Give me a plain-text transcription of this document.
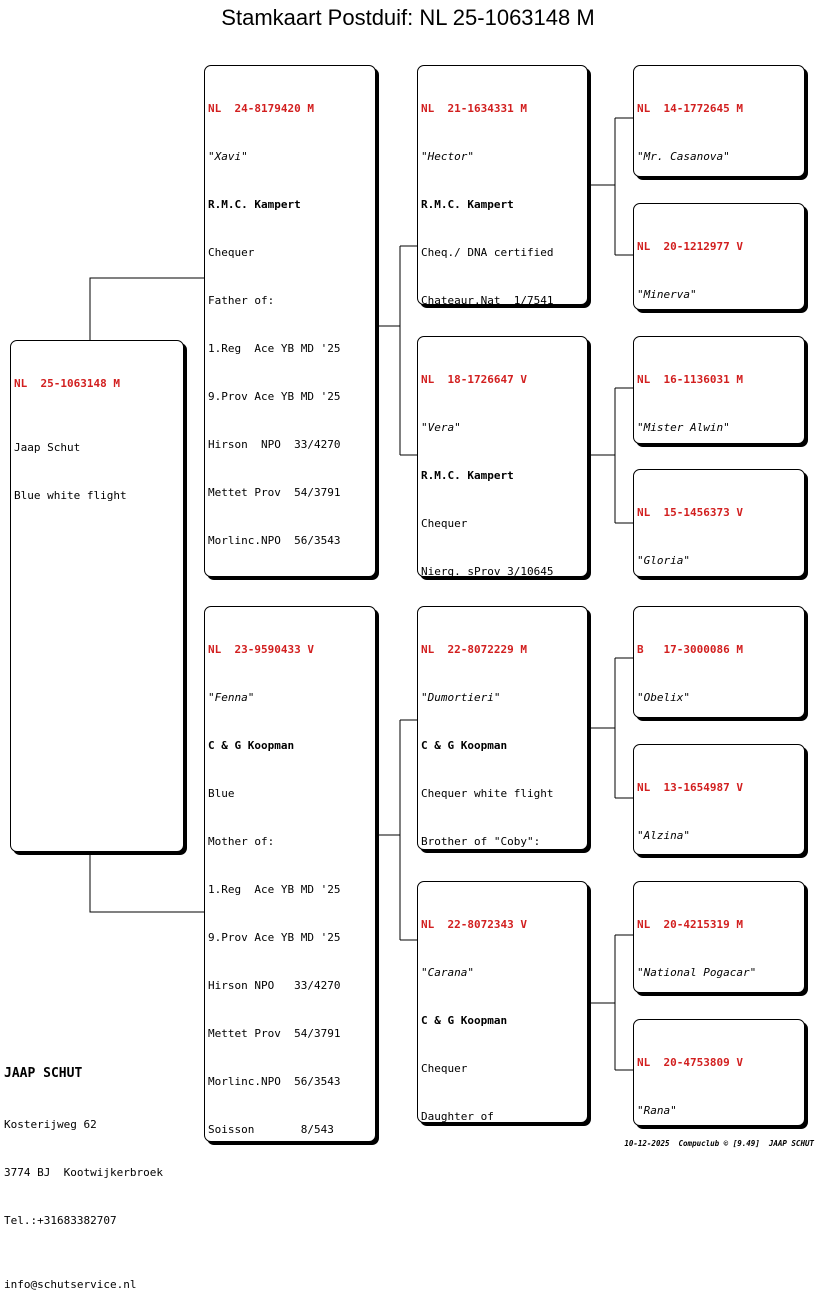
Stamkaart Postduif: NL 25-1063148 M

NL  25-1063148 M

Jaap Schut

Blue white flight

NL  24-8179420 M

"Xavi"

R.M.C. Kampert

Chequer

Father of:

1.Reg  Ace YB MD '25

9.Prov Ace YB MD '25

Hirson  NPO  33/4270

Mettet Prov  54/3791

Morlinc.NPO  56/3543

NL  23-9590433 V

"Fenna"

C & G Koopman

Blue

Mother of:

1.Reg  Ace YB MD '25

9.Prov Ace YB MD '25

Hirson NPO   33/4270

Mettet Prov  54/3791

Morlinc.NPO  56/3543

Soisson       8/543

NL  21-1634331 M

"Hector"

R.M.C. Kampert

Cheq./ DNA certified

Chateaur.Nat  1/7541

NL  18-1726647 V

"Vera"

R.M.C. Kampert

Chequer

Nierg. sProv 3/10645

NL  22-8072229 M

"Dumortieri"

C & G Koopman

Chequer white flight

Brother of "Coby":

NL  22-8072343 V

"Carana"

C & G Koopman

Chequer

Daughter of

NL  14-1772645 M

"Mr. Casanova"

NL  20-1212977 V

"Minerva"

NL  16-1136031 M

"Mister Alwin"

NL  15-1456373 V

"Gloria"

B   17-3000086 M

"Obelix"

NL  13-1654987 V

"Alzina"

NL  20-4215319 M

"National Pogacar"

NL  20-4753809 V

"Rana"

JAAP SCHUT

Kosterijweg 62

3774 BJ  Kootwijkerbroek

Tel.:+31683382707

info@schutservice.nl

10-12-2025  Compuclub © [9.49]  JAAP SCHUT
